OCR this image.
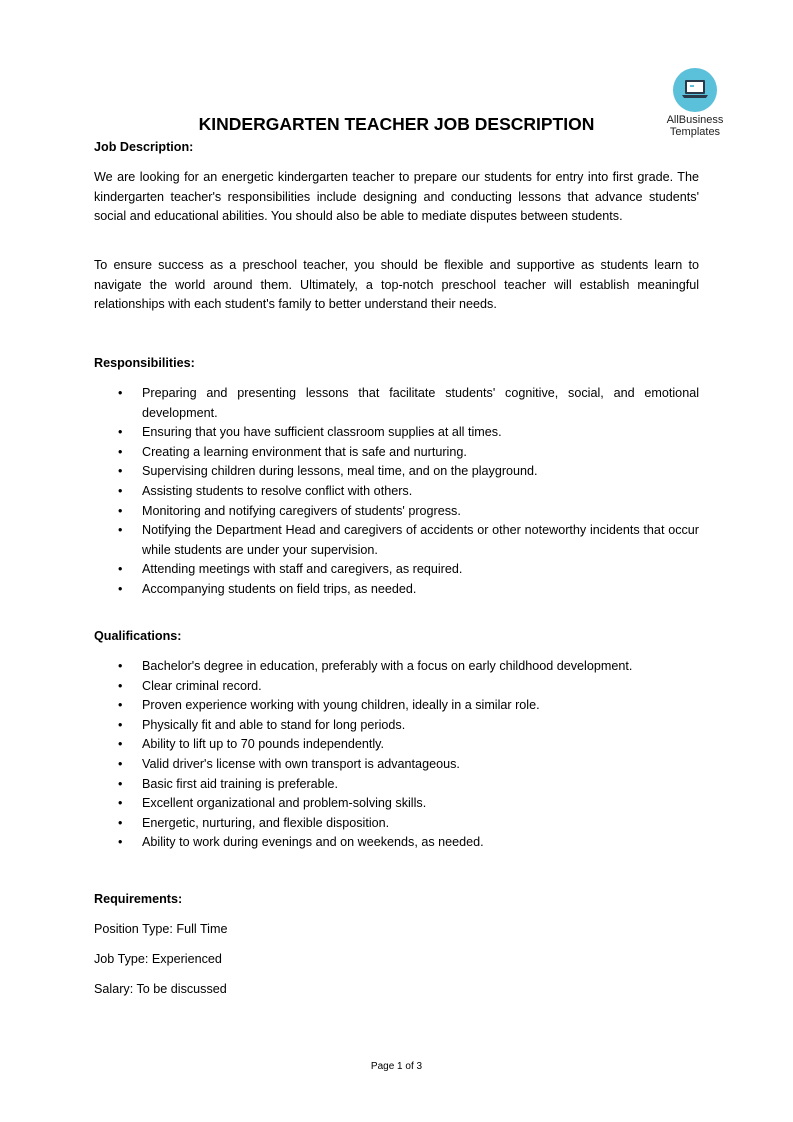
AllBusiness
Templates
KINDERGARTEN TEACHER JOB DESCRIPTION
Job Description:

We are looking for an energetic kindergarten teacher to prepare our students for entry into first grade. The kindergarten teacher's responsibilities include designing and conducting lessons that advance students' social and educational abilities. You should also be able to mediate disputes between students.

To ensure success as a preschool teacher, you should be flexible and supportive as students learn to navigate the world around them. Ultimately, a top-notch preschool teacher will establish meaningful relationships with each student's family to better understand their needs.

Responsibilities:
• Preparing and presenting lessons that facilitate students' cognitive, social, and emotional development.
• Ensuring that you have sufficient classroom supplies at all times.
• Creating a learning environment that is safe and nurturing.
• Supervising children during lessons, meal time, and on the playground.
• Assisting students to resolve conflict with others.
• Monitoring and notifying caregivers of students' progress.
• Notifying the Department Head and caregivers of accidents or other noteworthy incidents that occur while students are under your supervision.
• Attending meetings with staff and caregivers, as required.
• Accompanying students on field trips, as needed.
Qualifications:
• Bachelor's degree in education, preferably with a focus on early childhood development.
• Clear criminal record.
• Proven experience working with young children, ideally in a similar role.
• Physically fit and able to stand for long periods.
• Ability to lift up to 70 pounds independently.
• Valid driver's license with own transport is advantageous.
• Basic first aid training is preferable.
• Excellent organizational and problem-solving skills.
• Energetic, nurturing, and flexible disposition.
• Ability to work during evenings and on weekends, as needed.
Requirements:
Position Type: Full Time
Job Type: Experienced
Salary: To be discussed
Page 1 of 3
